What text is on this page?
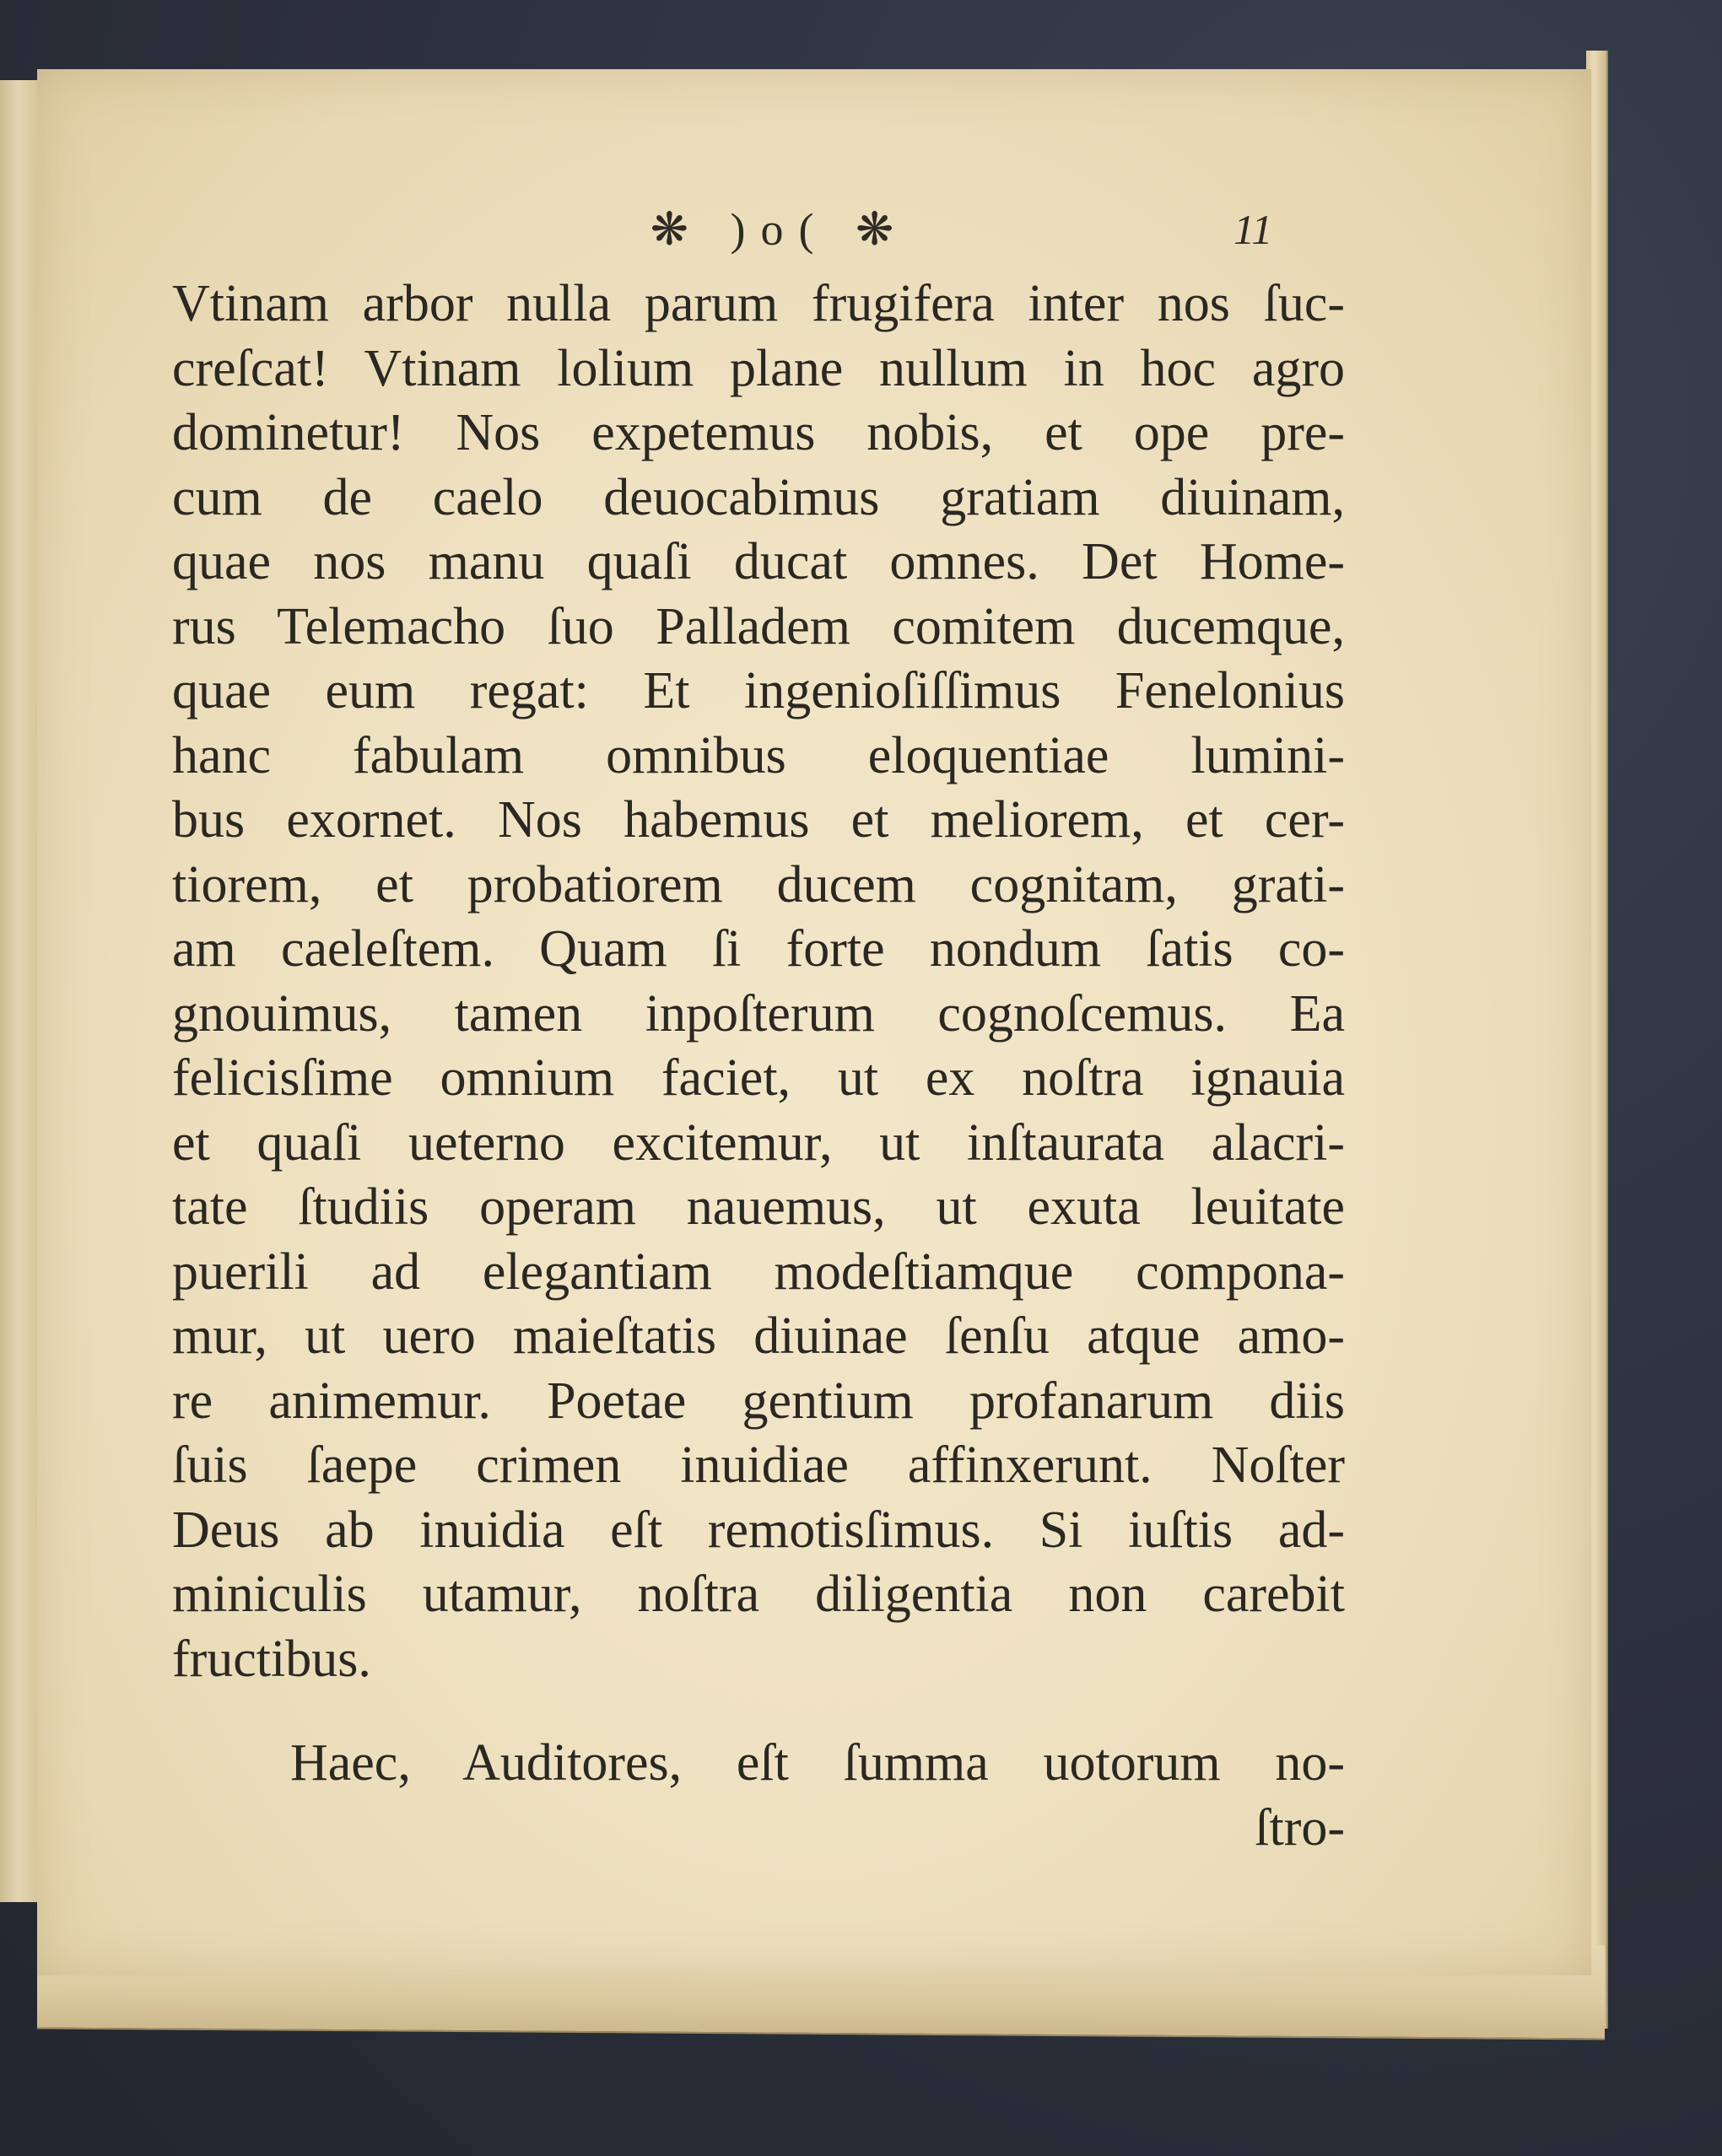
❋ )o( ❋	11
Vtinam arbor nulla parum frugifera inter nos ſuc-
creſcat! Vtinam lolium plane nullum in hoc agro
dominetur! Nos expetemus nobis, et ope pre-
cum de caelo deuocabimus gratiam diuinam,
quae nos manu quaſi ducat omnes. Det Home-
rus Telemacho ſuo Palladem comitem ducemque,
quae eum regat: Et ingenioſiſſimus Fenelonius
hanc fabulam omnibus eloquentiae lumini-
bus exornet. Nos habemus et meliorem, et cer-
tiorem, et probatiorem ducem cognitam, grati-
am caeleſtem. Quam ſi forte nondum ſatis co-
gnouimus, tamen inpoſterum cognoſcemus. Ea
felicisſime omnium faciet, ut ex noſtra ignauia
et quaſi ueterno excitemur, ut inſtaurata alacri-
tate ſtudiis operam nauemus, ut exuta leuitate
puerili ad elegantiam modeſtiamque compona-
mur, ut uero maieſtatis diuinae ſenſu atque amo-
re animemur. Poetae gentium profanarum diis
ſuis ſaepe crimen inuidiae affinxerunt. Noſter
Deus ab inuidia eſt remotisſimus. Si iuſtis ad-
miniculis utamur, noſtra diligentia non carebit
fructibus.
Haec, Auditores, eſt ſumma uotorum no-
ſtro-
